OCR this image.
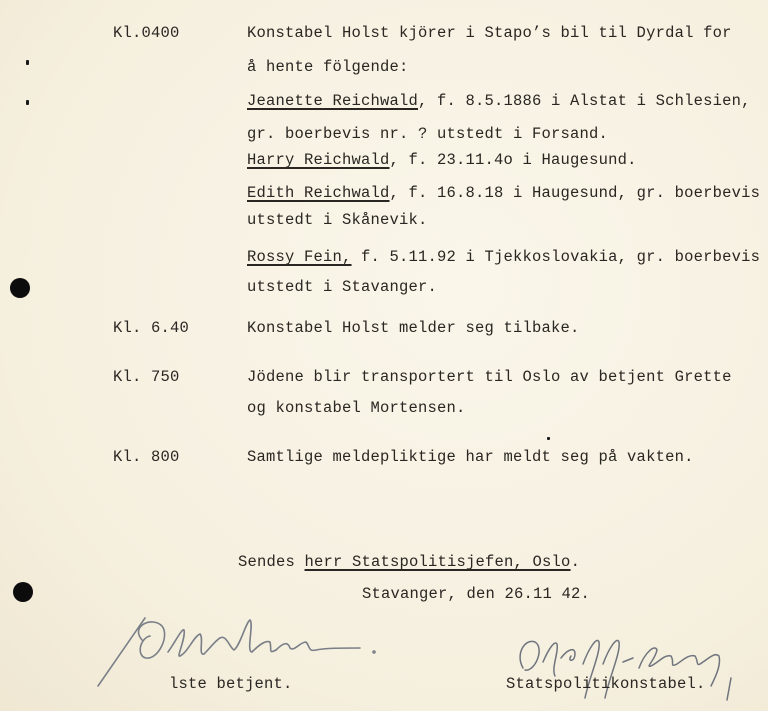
Kl.0400	Konstabel Holst kjörer i Stapo’s bil til Dyrdal for
å hente fölgende:
Jeanette Reichwald, f. 8.5.1886 i Alstat i Schlesien,
gr. boerbevis nr. ? utstedt i Forsand.
Harry Reichwald, f. 23.11.4o i Haugesund.
Edith Reichwald, f. 16.8.18 i Haugesund, gr. boerbevis
utstedt i Skånevik.
Rossy Fein, f. 5.11.92 i Tjekkoslovakia, gr. boerbevis
utstedt i Stavanger.
Kl. 6.40	Konstabel Holst melder seg tilbake.
Kl. 750	Jödene blir transportert til Oslo av betjent Grette
og konstabel Mortensen.
Kl. 800	Samtlige meldepliktige har meldt seg på vakten.
Sendes herr Statspolitisjefen, Oslo.
Stavanger, den 26.11 42.
lste betjent.	Statspolitikonstabel.
